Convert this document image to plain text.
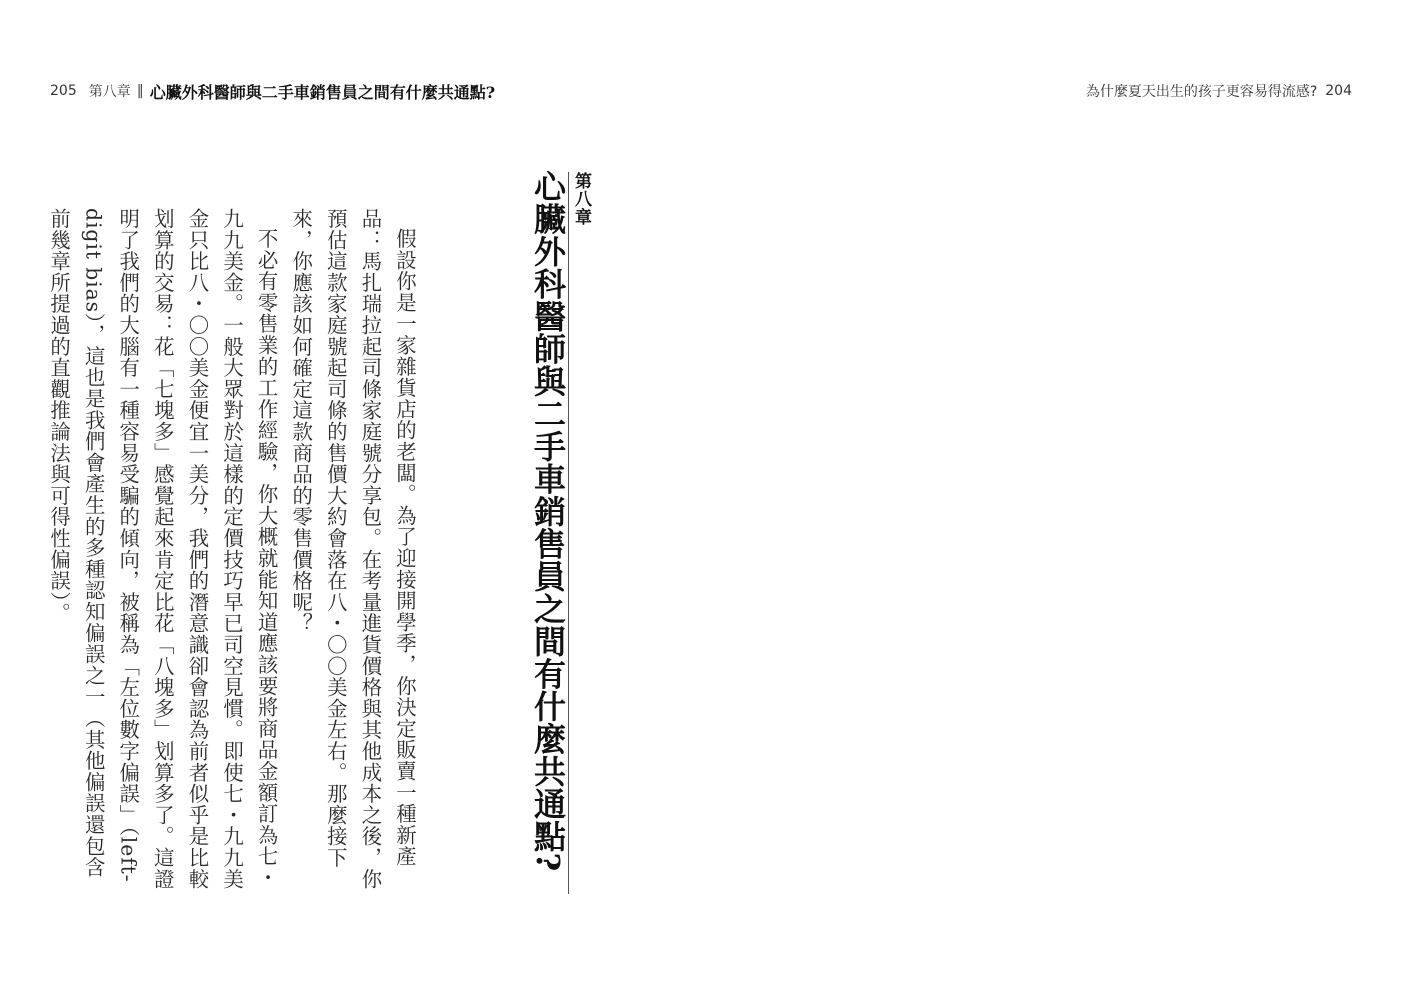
205 第八章 ‖ 心臟外科醫師與二手車銷售員之間有什麼共通點?	為什麼夏天出生的孩子更容易得流感? 204
第八章
心臟外科醫師與二手車銷售員之間有什麼共通點?

假設你是一家雜貨店的老闆。為了迎接開學季，你決定販賣一種新產品：馬扎瑞拉起司條家庭號分享包。在考量進貨價格與其他成本之後，你預估這款家庭號起司條的售價大約會落在八・〇〇美金左右。那麼接下來，你應該如何確定這款商品的零售價格呢？

不必有零售業的工作經驗，你大概就能知道應該要將商品金額訂為七・九九美金。一般大眾對於這樣的定價技巧早已司空見慣。即使七・九九美金只比八・〇〇美金便宜一美分，我們的潛意識卻會認為前者似乎是比較划算的交易：花「七塊多」感覺起來肯定比花「八塊多」划算多了。這證明了我們的大腦有一種容易受騙的傾向，被稱為「左位數字偏誤」（left-digit bias），這也是我們會產生的多種認知偏誤之一（其他偏誤還包含前幾章所提過的直觀推論法與可得性偏誤）。
